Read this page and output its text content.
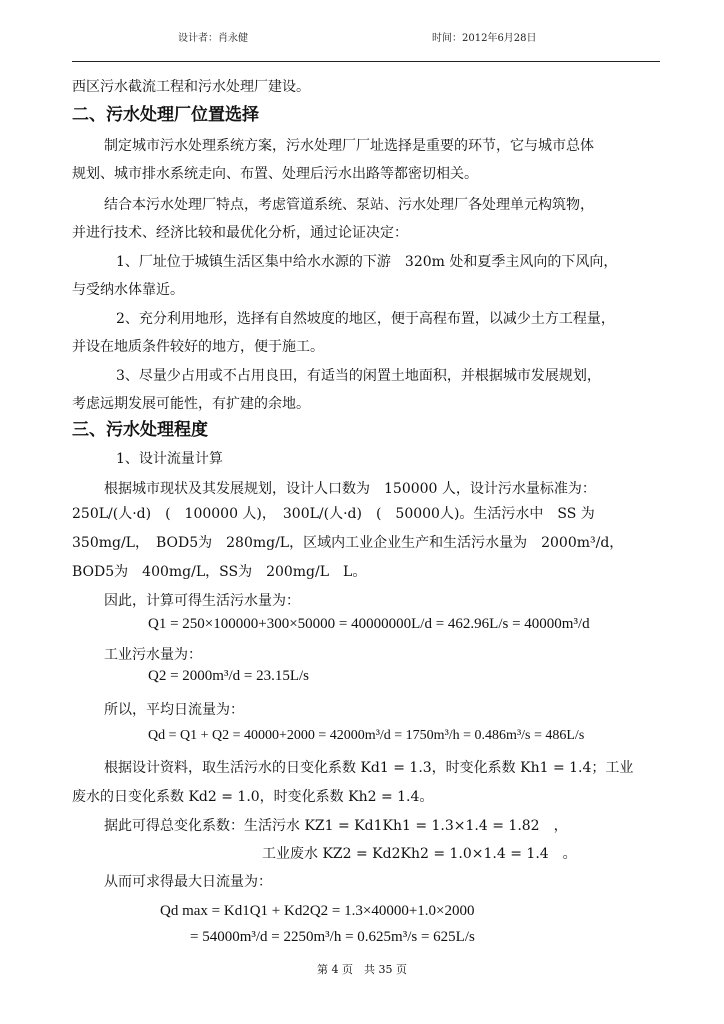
设计者：肖永健	时间：2012年6月28日
西区污水截流工程和污水处理厂建设。
二、污水处理厂位置选择
制定城市污水处理系统方案，污水处理厂厂址选择是重要的环节，它与城市总体
规划、城市排水系统走向、布置、处理后污水出路等都密切相关。
结合本污水处理厂特点，考虑管道系统、泵站、污水处理厂各处理单元构筑物，
并进行技术、经济比较和最优化分析，通过论证决定：
1、厂址位于城镇生活区集中给水水源的下游　320m 处和夏季主风向的下风向，
与受纳水体靠近。
2、充分利用地形，选择有自然坡度的地区，便于高程布置，以减少土方工程量，
并设在地质条件较好的地方，便于施工。
3、尽量少占用或不占用良田，有适当的闲置土地面积，并根据城市发展规划，
考虑远期发展可能性，有扩建的余地。
三、污水处理程度
1、设计流量计算
根据城市现状及其发展规划，设计人口数为　150000 人，设计污水量标准为：
250L/(人·d)　(　100000 人)，　300L/(人·d)　(　50000人)。生活污水中　SS 为
350mg/L，　BOD5为　280mg/L，区域内工业企业生产和生活污水量为　2000m³/d，
BOD5为　400mg/L，SS为　200mg/L　L。
因此，计算可得生活污水量为：
Q1 = 250×100000+300×50000 = 40000000L/d = 462.96L/s = 40000m³/d
工业污水量为：
Q2 = 2000m³/d = 23.15L/s
所以，平均日流量为：
Qd = Q1 + Q2 = 40000+2000 = 42000m³/d = 1750m³/h = 0.486m³/s = 486L/s
根据设计资料，取生活污水的日变化系数 Kd1 = 1.3，时变化系数 Kh1 = 1.4；工业
废水的日变化系数 Kd2 = 1.0，时变化系数 Kh2 = 1.4。
据此可得总变化系数：生活污水 KZ1 = Kd1Kh1 = 1.3×1.4 = 1.82　，
工业废水 KZ2 = Kd2Kh2 = 1.0×1.4 = 1.4　。
从而可求得最大日流量为：
Qd max = Kd1Q1 + Kd2Q2 = 1.3×40000+1.0×2000
= 54000m³/d = 2250m³/h = 0.625m³/s = 625L/s
第 4 页　共 35 页
